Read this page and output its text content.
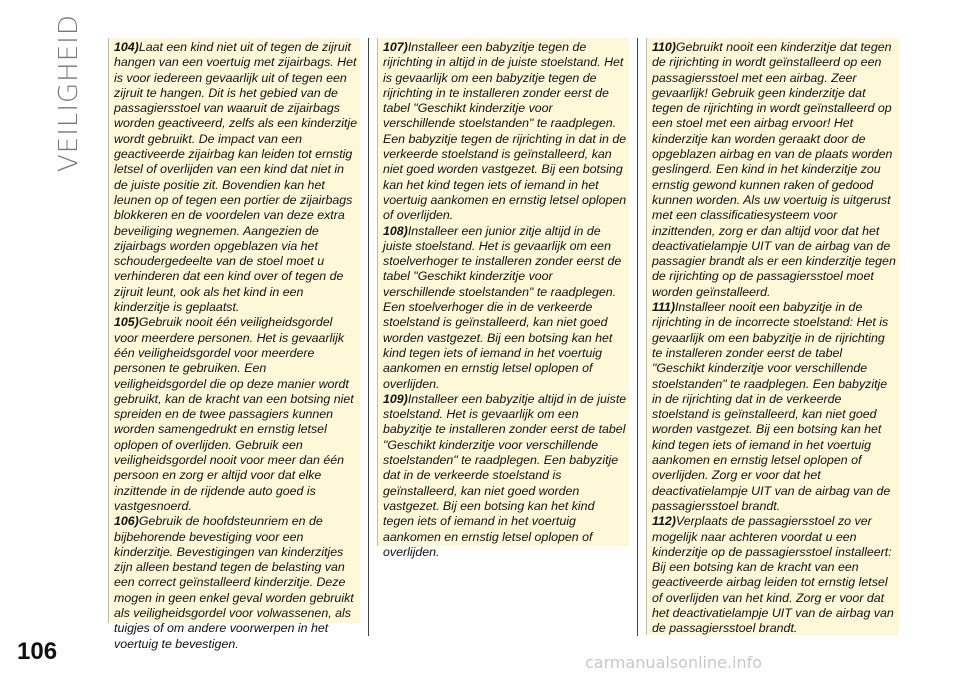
VEILIGHEID 104)Laat een kind niet uit of tegen de zijruit hangen van een voertuig met zijairbags. Het is voor iedereen gevaarlijk uit of tegen een zijruit te hangen. Dit is het gebied van de passagiersstoel van waaruit de zijairbags worden geactiveerd, zelfs als een kinderzitje wordt gebruikt. De impact van een geactiveerde zijairbag kan leiden tot ernstig letsel of overlijden van een kind dat niet in de juiste positie zit. Bovendien kan het leunen op of tegen een portier de zijairbags blokkeren en de voordelen van deze extra beveiliging wegnemen. Aangezien de zijairbags worden opgeblazen via het schoudergedeelte van de stoel moet u verhinderen dat een kind over of tegen de zijruit leunt, ook als het kind in een kinderzitje is geplaatst.

105)Gebruik nooit één veiligheidsgordel voor meerdere personen. Het is gevaarlijk één veiligheidsgordel voor meerdere personen te gebruiken. Een veiligheidsgordel die op deze manier wordt gebruikt, kan de kracht van een botsing niet spreiden en de twee passagiers kunnen worden samengedrukt en ernstig letsel oplopen of overlijden. Gebruik een veiligheidsgordel nooit voor meer dan één persoon en zorg er altijd voor dat elke inzittende in de rijdende auto goed is vastgesnoerd.

106)Gebruik de hoofdsteunriem en de bijbehorende bevestiging voor een kinderzitje. Bevestigingen van kinderzitjes zijn alleen bestand tegen de belasting van een correct geïnstalleerd kinderzitje. Deze mogen in geen enkel geval worden gebruikt als veiligheidsgordel voor volwassenen, als tuigjes of om andere voorwerpen in het voertuig te bevestigen.

107)Installeer een babyzitje tegen de rijrichting in altijd in de juiste stoelstand. Het is gevaarlijk om een babyzitje tegen de rijrichting in te installeren zonder eerst de tabel "Geschikt kinderzitje voor verschillende stoelstanden" te raadplegen. Een babyzitje tegen de rijrichting in dat in de verkeerde stoelstand is geïnstalleerd, kan niet goed worden vastgezet. Bij een botsing kan het kind tegen iets of iemand in het voertuig aankomen en ernstig letsel oplopen of overlijden.

108)Installeer een junior zitje altijd in de juiste stoelstand. Het is gevaarlijk om een stoelverhoger te installeren zonder eerst de tabel "Geschikt kinderzitje voor verschillende stoelstanden" te raadplegen. Een stoelverhoger die in de verkeerde stoelstand is geïnstalleerd, kan niet goed worden vastgezet. Bij een botsing kan het kind tegen iets of iemand in het voertuig aankomen en ernstig letsel oplopen of overlijden.

109)Installeer een babyzitje altijd in de juiste stoelstand. Het is gevaarlijk om een babyzitje te installeren zonder eerst de tabel "Geschikt kinderzitje voor verschillende stoelstanden" te raadplegen. Een babyzitje dat in de verkeerde stoelstand is geïnstalleerd, kan niet goed worden vastgezet. Bij een botsing kan het kind tegen iets of iemand in het voertuig aankomen en ernstig letsel oplopen of overlijden.

110)Gebruikt nooit een kinderzitje dat tegen de rijrichting in wordt geïnstalleerd op een passagiersstoel met een airbag. Zeer gevaarlijk! Gebruik geen kinderzitje dat tegen de rijrichting in wordt geïnstalleerd op een stoel met een airbag ervoor! Het kinderzitje kan worden geraakt door de opgeblazen airbag en van de plaats worden geslingerd. Een kind in het kinderzitje zou ernstig gewond kunnen raken of gedood kunnen worden. Als uw voertuig is uitgerust met een classificatiesysteem voor inzittenden, zorg er dan altijd voor dat het deactivatielampje UIT van de airbag van de passagier brandt als er een kinderzitje tegen de rijrichting op de passagiersstoel moet worden geïnstalleerd.

111)Installeer nooit een babyzitje in de rijrichting in de incorrecte stoelstand: Het is gevaarlijk om een babyzitje in de rijrichting te installeren zonder eerst de tabel "Geschikt kinderzitje voor verschillende stoelstanden" te raadplegen. Een babyzitje in de rijrichting dat in de verkeerde stoelstand is geïnstalleerd, kan niet goed worden vastgezet. Bij een botsing kan het kind tegen iets of iemand in het voertuig aankomen en ernstig letsel oplopen of overlijden. Zorg er voor dat het deactivatielampje UIT van de airbag van de passagiersstoel brandt.

112)Verplaats de passagiersstoel zo ver mogelijk naar achteren voordat u een kinderzitje op de passagiersstoel installeert: Bij een botsing kan de kracht van een geactiveerde airbag leiden tot ernstig letsel of overlijden van het kind. Zorg er voor dat het deactivatielampje UIT van de airbag van de passagiersstoel brandt.

106	carmanualsonline.info
